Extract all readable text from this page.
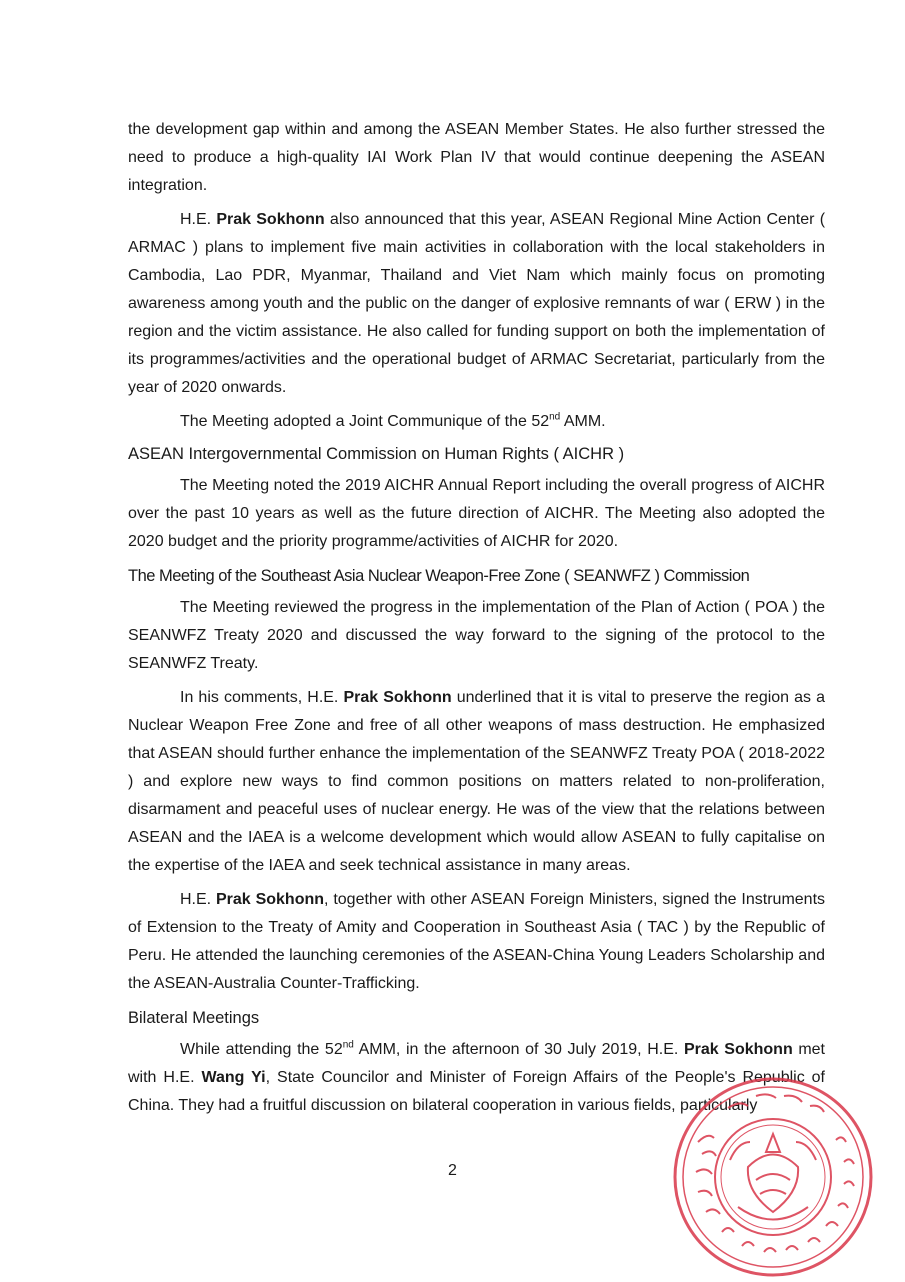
the development gap within and among the ASEAN Member States. He also further stressed the need to produce a high-quality IAI Work Plan IV that would continue deepening the ASEAN integration.

H.E. Prak Sokhonn also announced that this year, ASEAN Regional Mine Action Center ( ARMAC ) plans to implement five main activities in collaboration with the local stakeholders in Cambodia, Lao PDR, Myanmar, Thailand and Viet Nam which mainly focus on promoting awareness among youth and the public on the danger of explosive remnants of war ( ERW ) in the region and the victim assistance. He also called for funding support on both the implementation of its programmes/activities and the operational budget of ARMAC Secretariat, particularly from the year of 2020 onwards.

The Meeting adopted a Joint Communique of the 52nd AMM.

ASEAN Intergovernmental Commission on Human Rights ( AICHR )

The Meeting noted the 2019 AICHR Annual Report including the overall progress of AICHR over the past 10 years as well as the future direction of AICHR. The Meeting also adopted the 2020 budget and the priority programme/activities of AICHR for 2020.

The Meeting of the Southeast Asia Nuclear Weapon-Free Zone ( SEANWFZ ) Commission

The Meeting reviewed the progress in the implementation of the Plan of Action ( POA ) the SEANWFZ Treaty 2020 and discussed the way forward to the signing of the protocol to the SEANWFZ Treaty.

In his comments, H.E. Prak Sokhonn underlined that it is vital to preserve the region as a Nuclear Weapon Free Zone and free of all other weapons of mass destruction. He emphasized that ASEAN should further enhance the implementation of the SEANWFZ Treaty POA ( 2018-2022 ) and explore new ways to find common positions on matters related to non-proliferation, disarmament and peaceful uses of nuclear energy. He was of the view that the relations between ASEAN and the IAEA is a welcome development which would allow ASEAN to fully capitalise on the expertise of the IAEA and seek technical assistance in many areas.

H.E. Prak Sokhonn, together with other ASEAN Foreign Ministers, signed the Instruments of Extension to the Treaty of Amity and Cooperation in Southeast Asia ( TAC ) by the Republic of Peru. He attended the launching ceremonies of the ASEAN-China Young Leaders Scholarship and the ASEAN-Australia Counter-Trafficking.

Bilateral Meetings

While attending the 52nd AMM, in the afternoon of 30 July 2019, H.E. Prak Sokhonn met with H.E. Wang Yi, State Councilor and Minister of Foreign Affairs of the People's Republic of China. They had a fruitful discussion on bilateral cooperation in various fields, particularly

2
